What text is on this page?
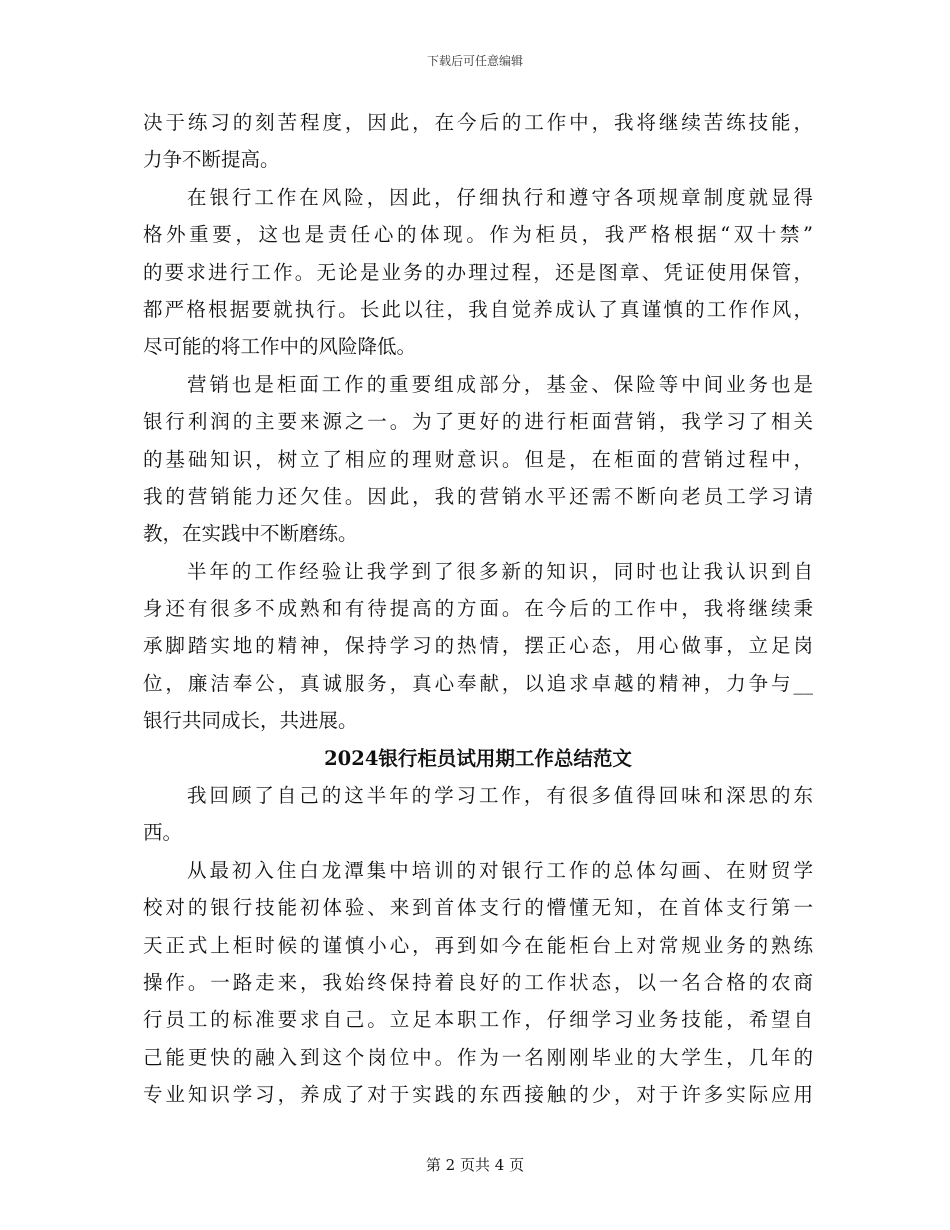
下载后可任意编辑
决于练习的刻苦程度，因此，在今后的工作中，我将继续苦练技能，
力争不断提高。
在银行工作在风险，因此，仔细执行和遵守各项规章制度就显得
格外重要，这也是责任心的体现。作为柜员，我严格根据“双十禁”
的要求进行工作。无论是业务的办理过程，还是图章、凭证使用保管，
都严格根据要就执行。长此以往，我自觉养成认了真谨慎的工作作风，
尽可能的将工作中的风险降低。
营销也是柜面工作的重要组成部分，基金、保险等中间业务也是
银行利润的主要来源之一。为了更好的进行柜面营销，我学习了相关
的基础知识，树立了相应的理财意识。但是，在柜面的营销过程中，
我的营销能力还欠佳。因此，我的营销水平还需不断向老员工学习请
教，在实践中不断磨练。
半年的工作经验让我学到了很多新的知识，同时也让我认识到自
身还有很多不成熟和有待提高的方面。在今后的工作中，我将继续秉
承脚踏实地的精神，保持学习的热情，摆正心态，用心做事，立足岗
位，廉洁奉公，真诚服务，真心奉献，以追求卓越的精神，力争与__
银行共同成长，共进展。
2024银行柜员试用期工作总结范文
我回顾了自己的这半年的学习工作，有很多值得回味和深思的东
西。
从最初入住白龙潭集中培训的对银行工作的总体勾画、在财贸学
校对的银行技能初体验、来到首体支行的懵懂无知，在首体支行第一
天正式上柜时候的谨慎小心，再到如今在能柜台上对常规业务的熟练
操作。一路走来，我始终保持着良好的工作状态，以一名合格的农商
行员工的标准要求自己。立足本职工作，仔细学习业务技能，希望自
己能更快的融入到这个岗位中。作为一名刚刚毕业的大学生，几年的
专业知识学习，养成了对于实践的东西接触的少，对于许多实际应用
第 2 页共 4 页
